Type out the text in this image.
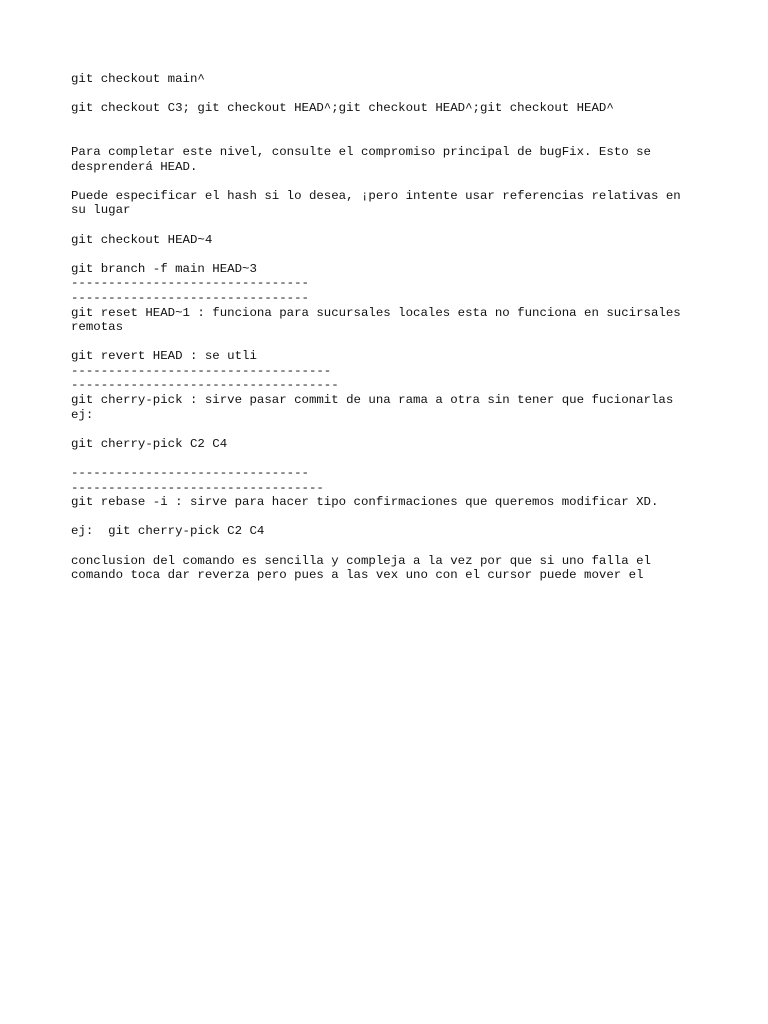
git checkout main^
git checkout C3; git checkout HEAD^;git checkout HEAD^;git checkout HEAD^
Para completar este nivel, consulte el compromiso principal de bugFix. Esto se
desprenderá HEAD.
Puede especificar el hash si lo desea, ¡pero intente usar referencias relativas en
su lugar
git checkout HEAD~4
git branch -f main HEAD~3
--------------------------------
--------------------------------
git reset HEAD~1 : funciona para sucursales locales esta no funciona en sucirsales
remotas
git revert HEAD : se utli
-----------------------------------
------------------------------------
git cherry-pick : sirve pasar commit de una rama a otra sin tener que fucionarlas
ej:
git cherry-pick C2 C4
--------------------------------
----------------------------------
git rebase -i : sirve para hacer tipo confirmaciones que queremos modificar XD.
ej:  git cherry-pick C2 C4
conclusion del comando es sencilla y compleja a la vez por que si uno falla el
comando toca dar reverza pero pues a las vex uno con el cursor puede mover el
